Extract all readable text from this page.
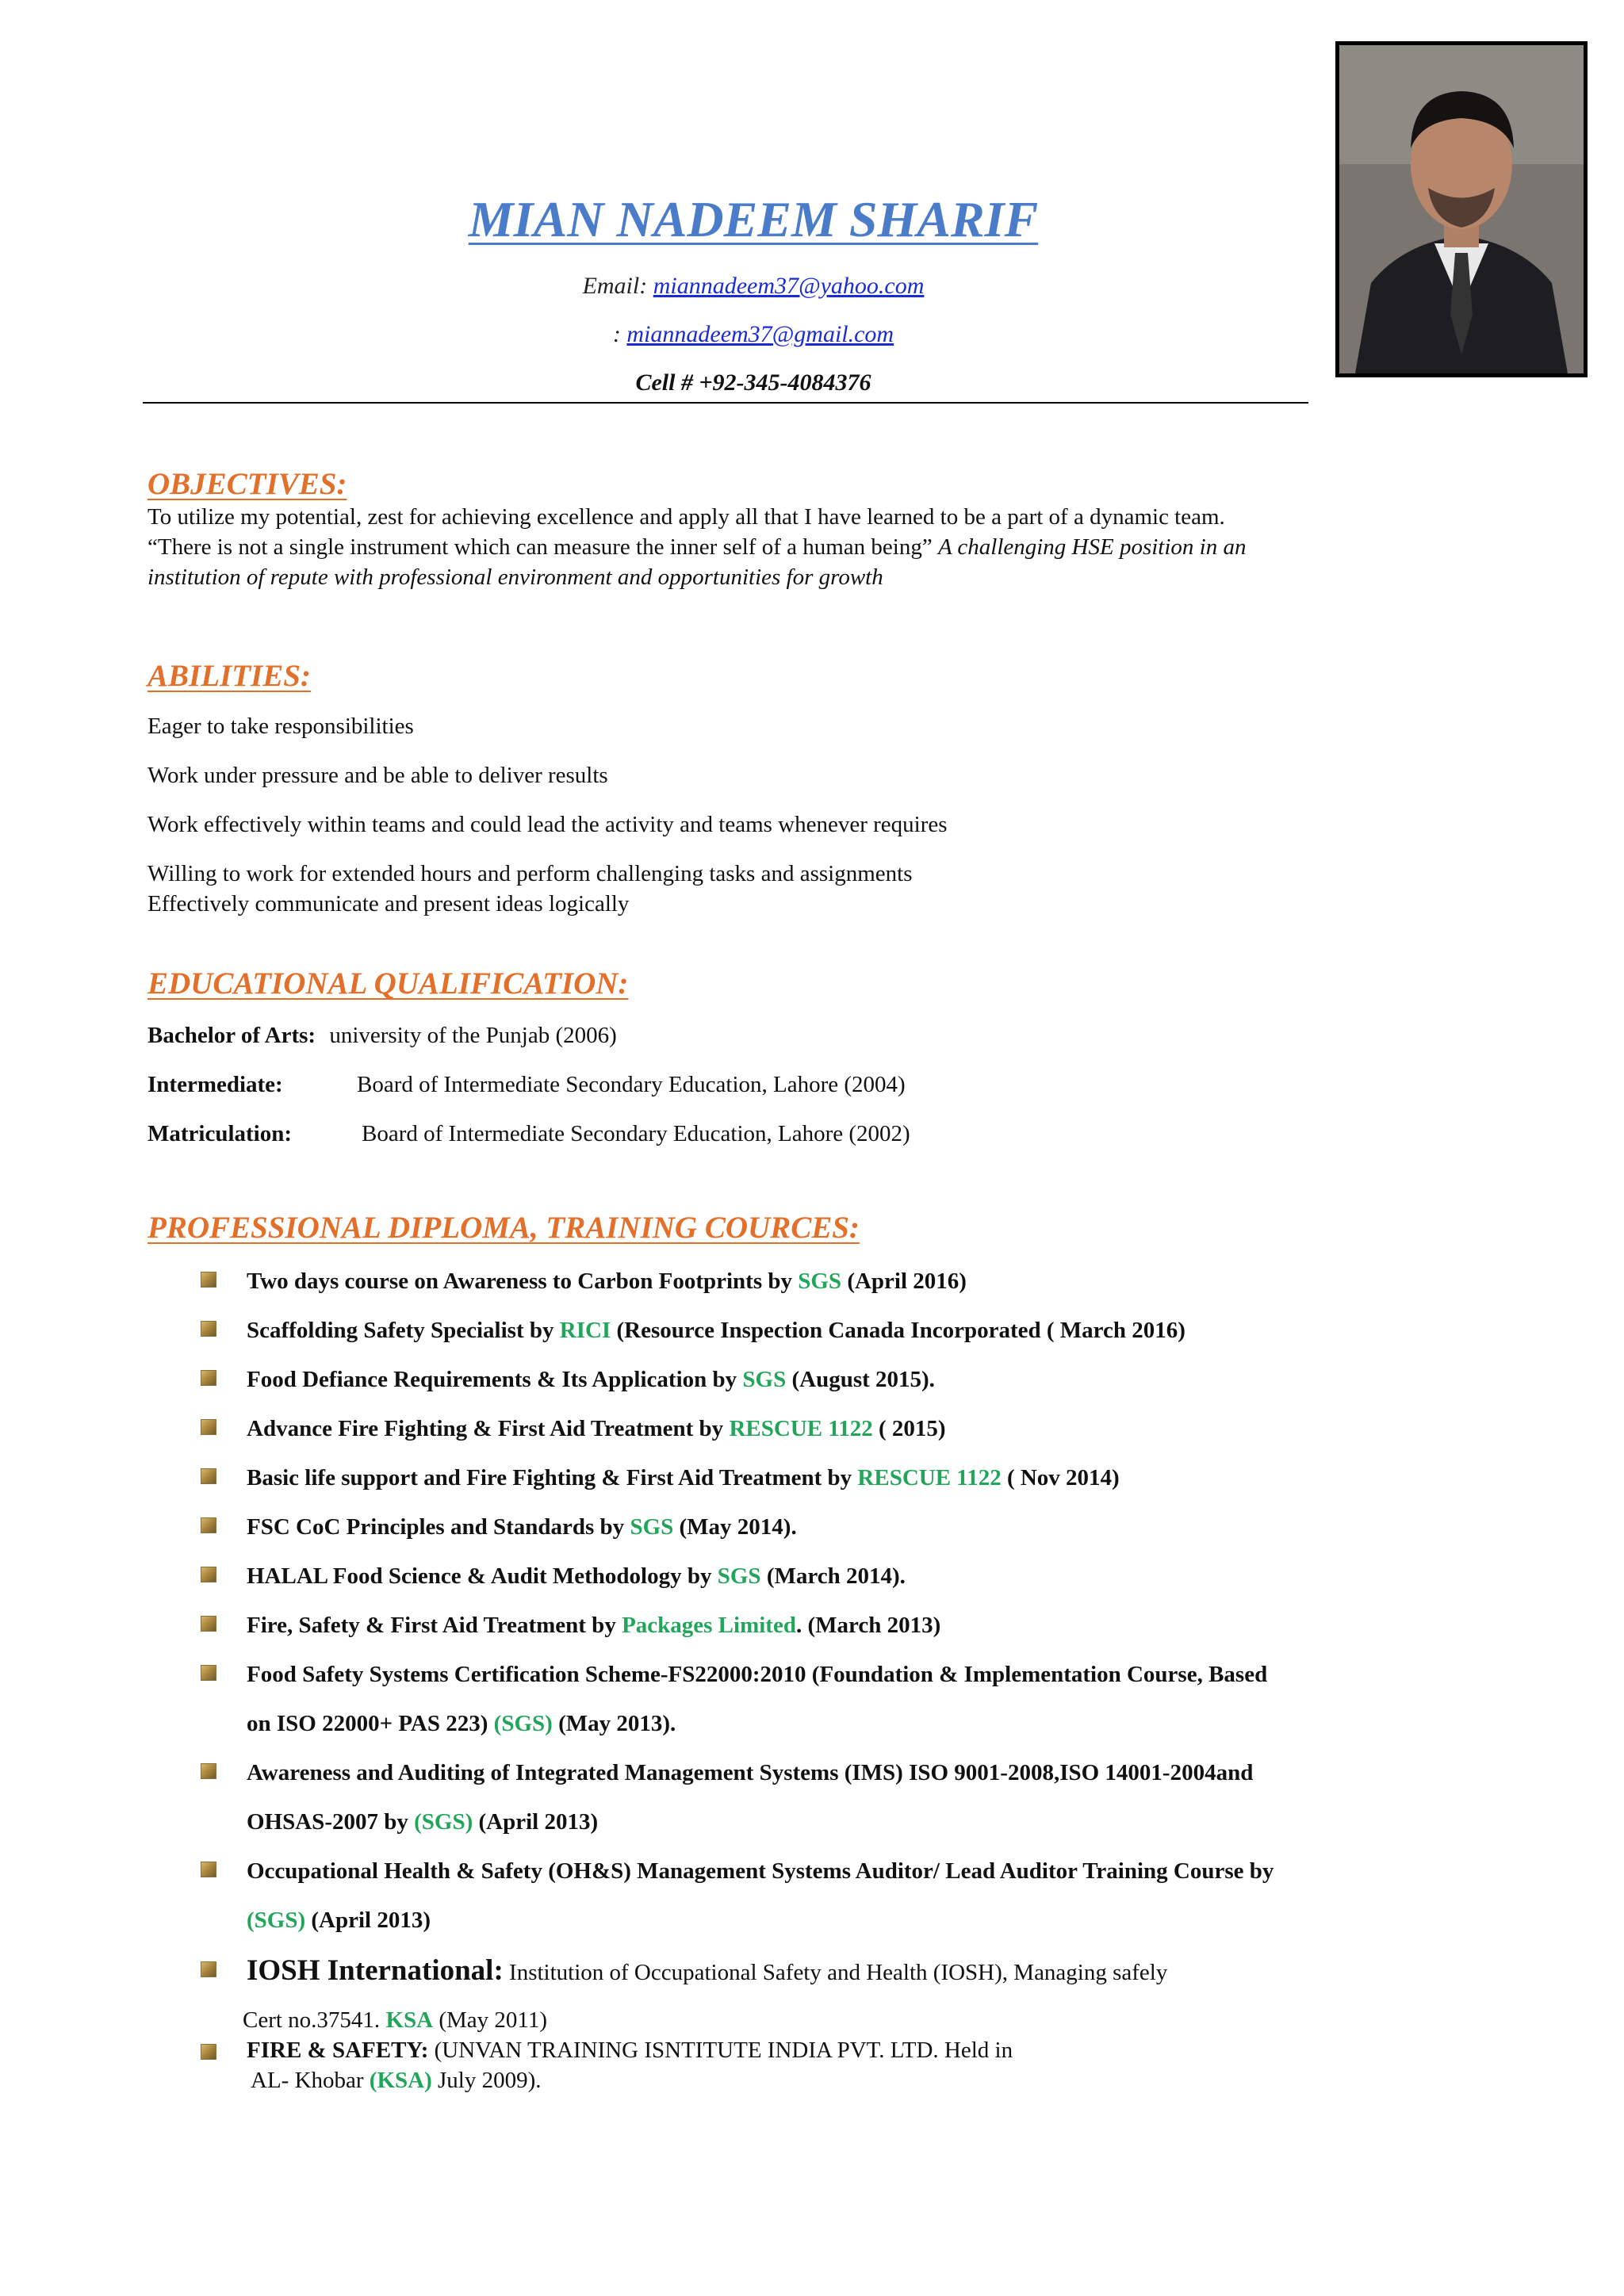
MIAN NADEEM SHARIF
Email: miannadeem37@yahoo.com
: miannadeem37@gmail.com
Cell # +92-345-4084376
OBJECTIVES:
To utilize my potential, zest for achieving excellence and apply all that I have learned to be a part of a dynamic team.
“There is not a single instrument which can measure the inner self of a human being” A challenging HSE position in an
institution of repute with professional environment and opportunities for growth
ABILITIES:
Eager to take responsibilities
Work under pressure and be able to deliver results
Work effectively within teams and could lead the activity and teams whenever requires
Willing to work for extended hours and perform challenging tasks and assignments
Effectively communicate and present ideas logically
EDUCATIONAL QUALIFICATION:
Bachelor of Arts: university of the Punjab (2006)
Intermediate:	Board of Intermediate Secondary Education, Lahore (2004)
Matriculation:	Board of Intermediate Secondary Education, Lahore (2002)
PROFESSIONAL DIPLOMA, TRAINING COURCES:
Two days course on Awareness to Carbon Footprints by SGS (April 2016)
Scaffolding Safety Specialist by RICI (Resource Inspection Canada Incorporated ( March 2016)
Food Defiance Requirements & Its Application by SGS (August 2015).
Advance Fire Fighting & First Aid Treatment by RESCUE 1122 ( 2015)
Basic life support and Fire Fighting & First Aid Treatment by RESCUE 1122 ( Nov 2014)
FSC CoC Principles and Standards by SGS (May 2014).
HALAL Food Science & Audit Methodology by SGS (March 2014).
Fire, Safety & First Aid Treatment by Packages Limited. (March 2013)
Food Safety Systems Certification Scheme-FS22000:2010 (Foundation & Implementation Course, Based
on ISO 22000+ PAS 223) (SGS) (May 2013).
Awareness and Auditing of Integrated Management Systems (IMS) ISO 9001-2008,ISO 14001-2004and
OHSAS-2007 by (SGS) (April 2013)
Occupational Health & Safety (OH&S) Management Systems Auditor/ Lead Auditor Training Course by
(SGS) (April 2013)
IOSH International: Institution of Occupational Safety and Health (IOSH), Managing safely
Cert no.37541. KSA (May 2011)
FIRE & SAFETY: (UNVAN TRAINING ISNTITUTE INDIA PVT. LTD. Held in
AL- Khobar (KSA) July 2009).
